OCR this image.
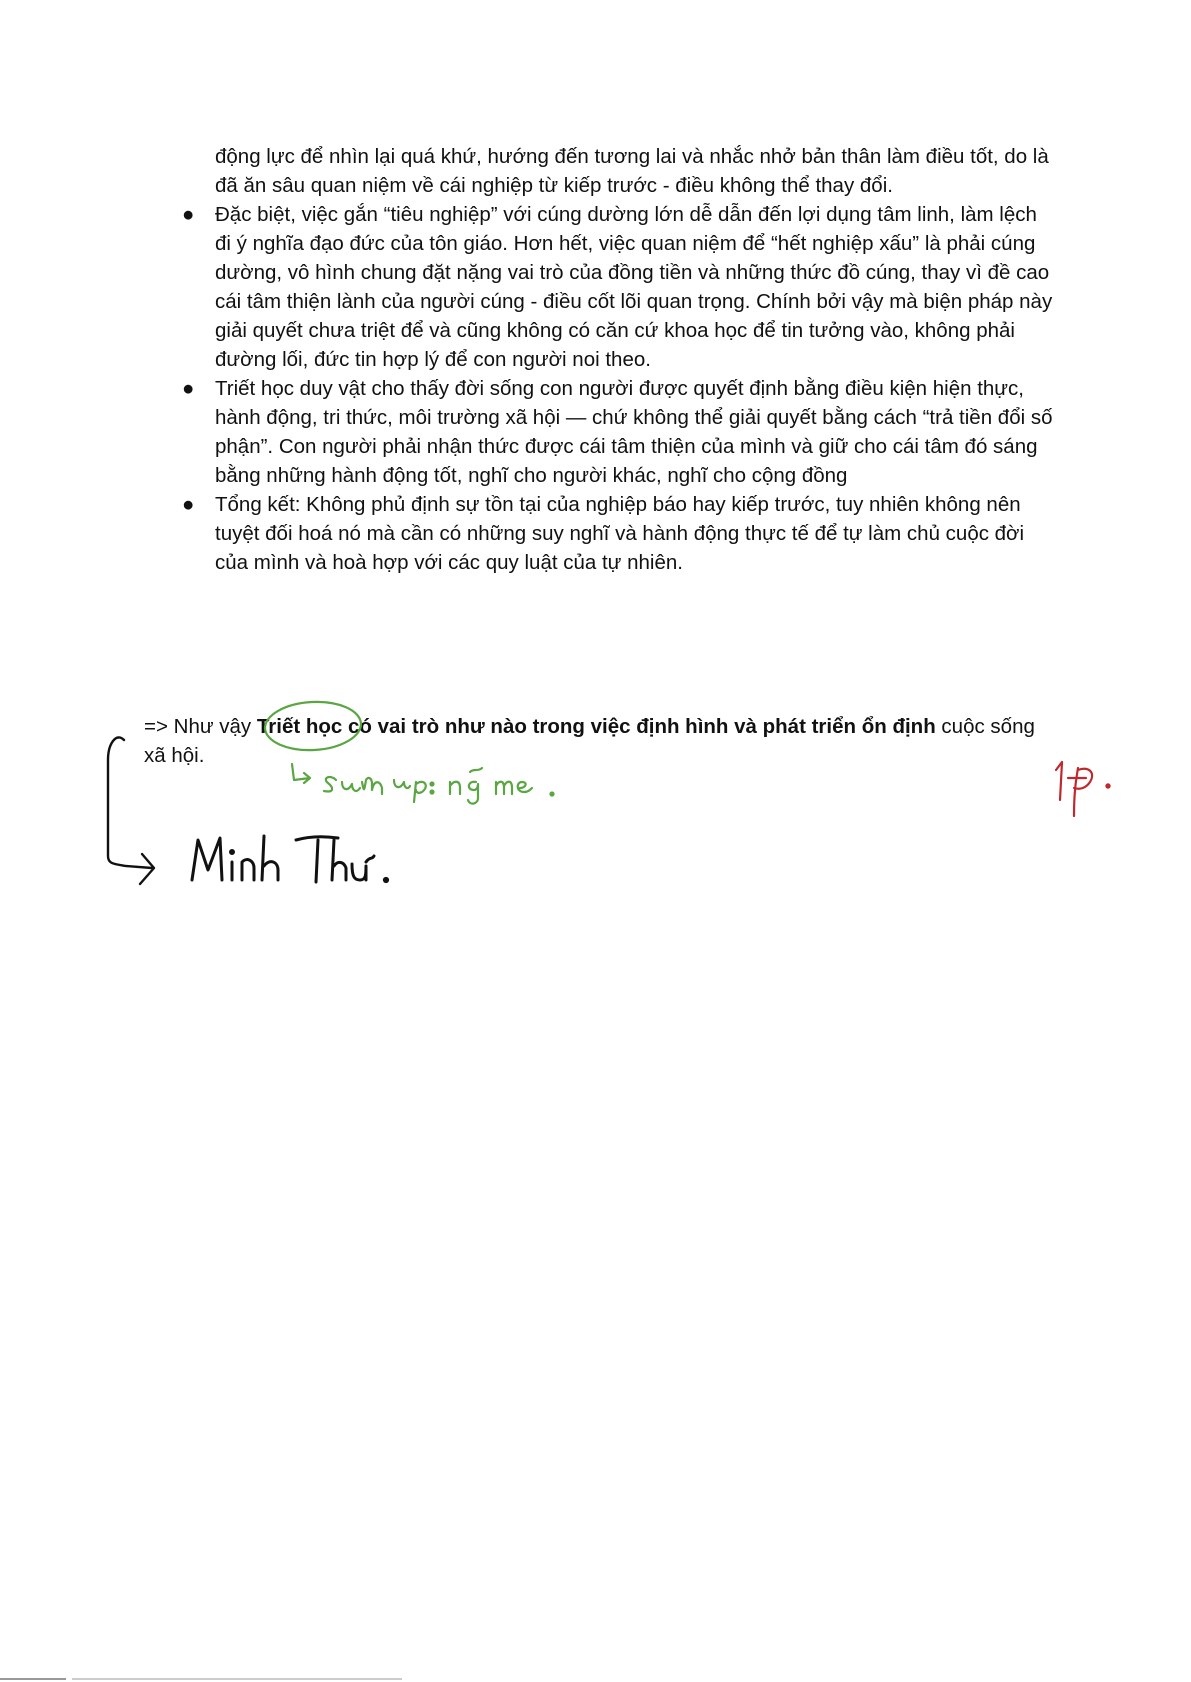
động lực để nhìn lại quá khứ, hướng đến tương lai và nhắc nhở bản thân làm điều tốt, do là đã ăn sâu quan niệm về cái nghiệp từ kiếp trước - điều không thể thay đổi.

● Đặc biệt, việc gắn “tiêu nghiệp” với cúng dường lớn dễ dẫn đến lợi dụng tâm linh, làm lệch đi ý nghĩa đạo đức của tôn giáo. Hơn hết, việc quan niệm để “hết nghiệp xấu” là phải cúng dường, vô hình chung đặt nặng vai trò của đồng tiền và những thức đồ cúng, thay vì đề cao cái tâm thiện lành của người cúng - điều cốt lõi quan trọng. Chính bởi vậy mà biện pháp này giải quyết chưa triệt để và cũng không có căn cứ khoa học để tin tưởng vào, không phải đường lối, đức tin hợp lý để con người noi theo.
● Triết học duy vật cho thấy đời sống con người được quyết định bằng điều kiện hiện thực, hành động, tri thức, môi trường xã hội — chứ không thể giải quyết bằng cách “trả tiền đổi số phận”. Con người phải nhận thức được cái tâm thiện của mình và giữ cho cái tâm đó sáng bằng những hành động tốt, nghĩ cho người khác, nghĩ cho cộng đồng
● Tổng kết: Không phủ định sự tồn tại của nghiệp báo hay kiếp trước, tuy nhiên không nên tuyệt đối hoá nó mà cần có những suy nghĩ và hành động thực tế để tự làm chủ cuộc đời của mình và hoà hợp với các quy luật của tự nhiên.

=> Như vậy Triết học có vai trò như nào trong việc định hình và phát triển ổn định cuộc sống xã hội.
